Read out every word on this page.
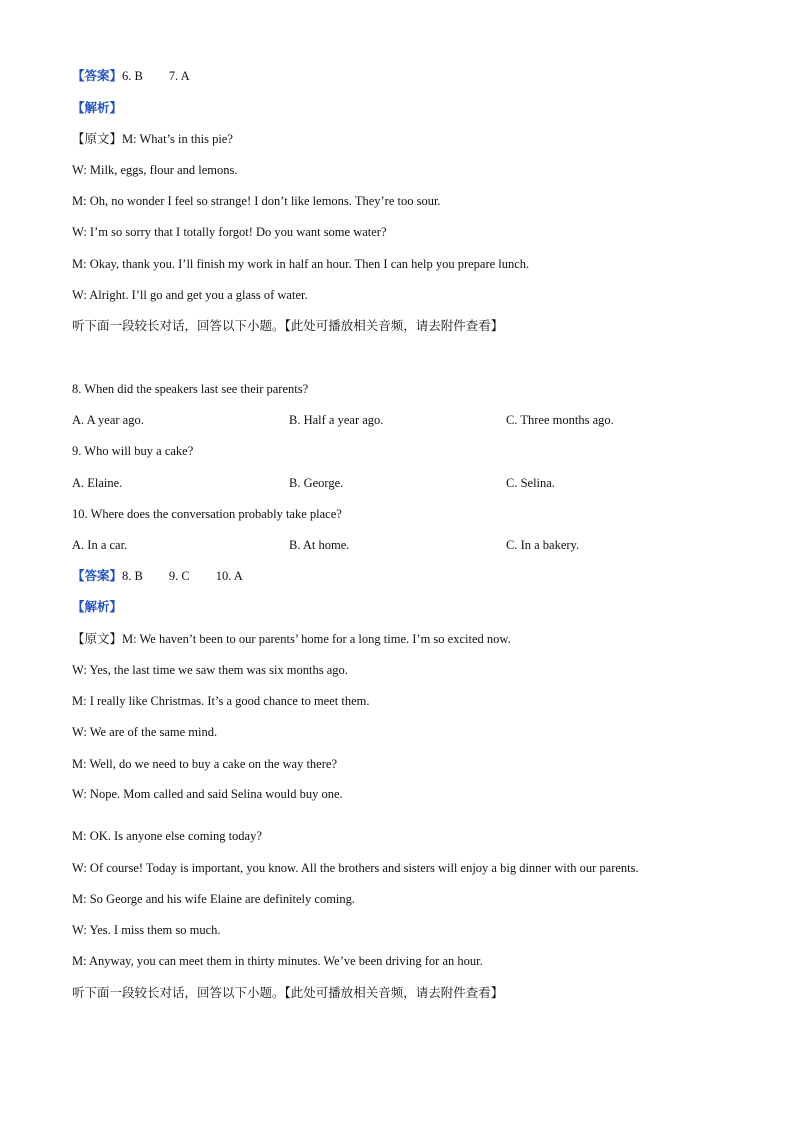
【答案】6. B 7. A
【解析】
【原文】M: What’s in this pie?
W: Milk, eggs, flour and lemons.
M: Oh, no wonder I feel so strange! I don’t like lemons. They’re too sour.
W: I’m so sorry that I totally forgot! Do you want some water?
M: Okay, thank you. I’ll finish my work in half an hour. Then I can help you prepare lunch.
W: Alright. I’ll go and get you a glass of water.
听下面一段较长对话，回答以下小题。【此处可播放相关音频，请去附件查看】
8. When did the speakers last see their parents?
A. A year ago.	B. Half a year ago.	C. Three months ago.
9. Who will buy a cake?
A. Elaine.	B. George.	C. Selina.
10. Where does the conversation probably take place?
A. In a car.	B. At home.	C. In a bakery.
【答案】8. B 9. C 10. A
【解析】
【原文】M: We haven’t been to our parents’ home for a long time. I’m so excited now.
W: Yes, the last time we saw them was six months ago.
M: I really like Christmas. It’s a good chance to meet them.
W: We are of the same mind.
M: Well, do we need to buy a cake on the way there?
W: Nope. Mom called and said Selina would buy one.
M: OK. Is anyone else coming today?
W: Of course! Today is important, you know. All the brothers and sisters will enjoy a big dinner with our parents.
M: So George and his wife Elaine are definitely coming.
W: Yes. I miss them so much.
M: Anyway, you can meet them in thirty minutes. We’ve been driving for an hour.
听下面一段较长对话，回答以下小题。【此处可播放相关音频，请去附件查看】
